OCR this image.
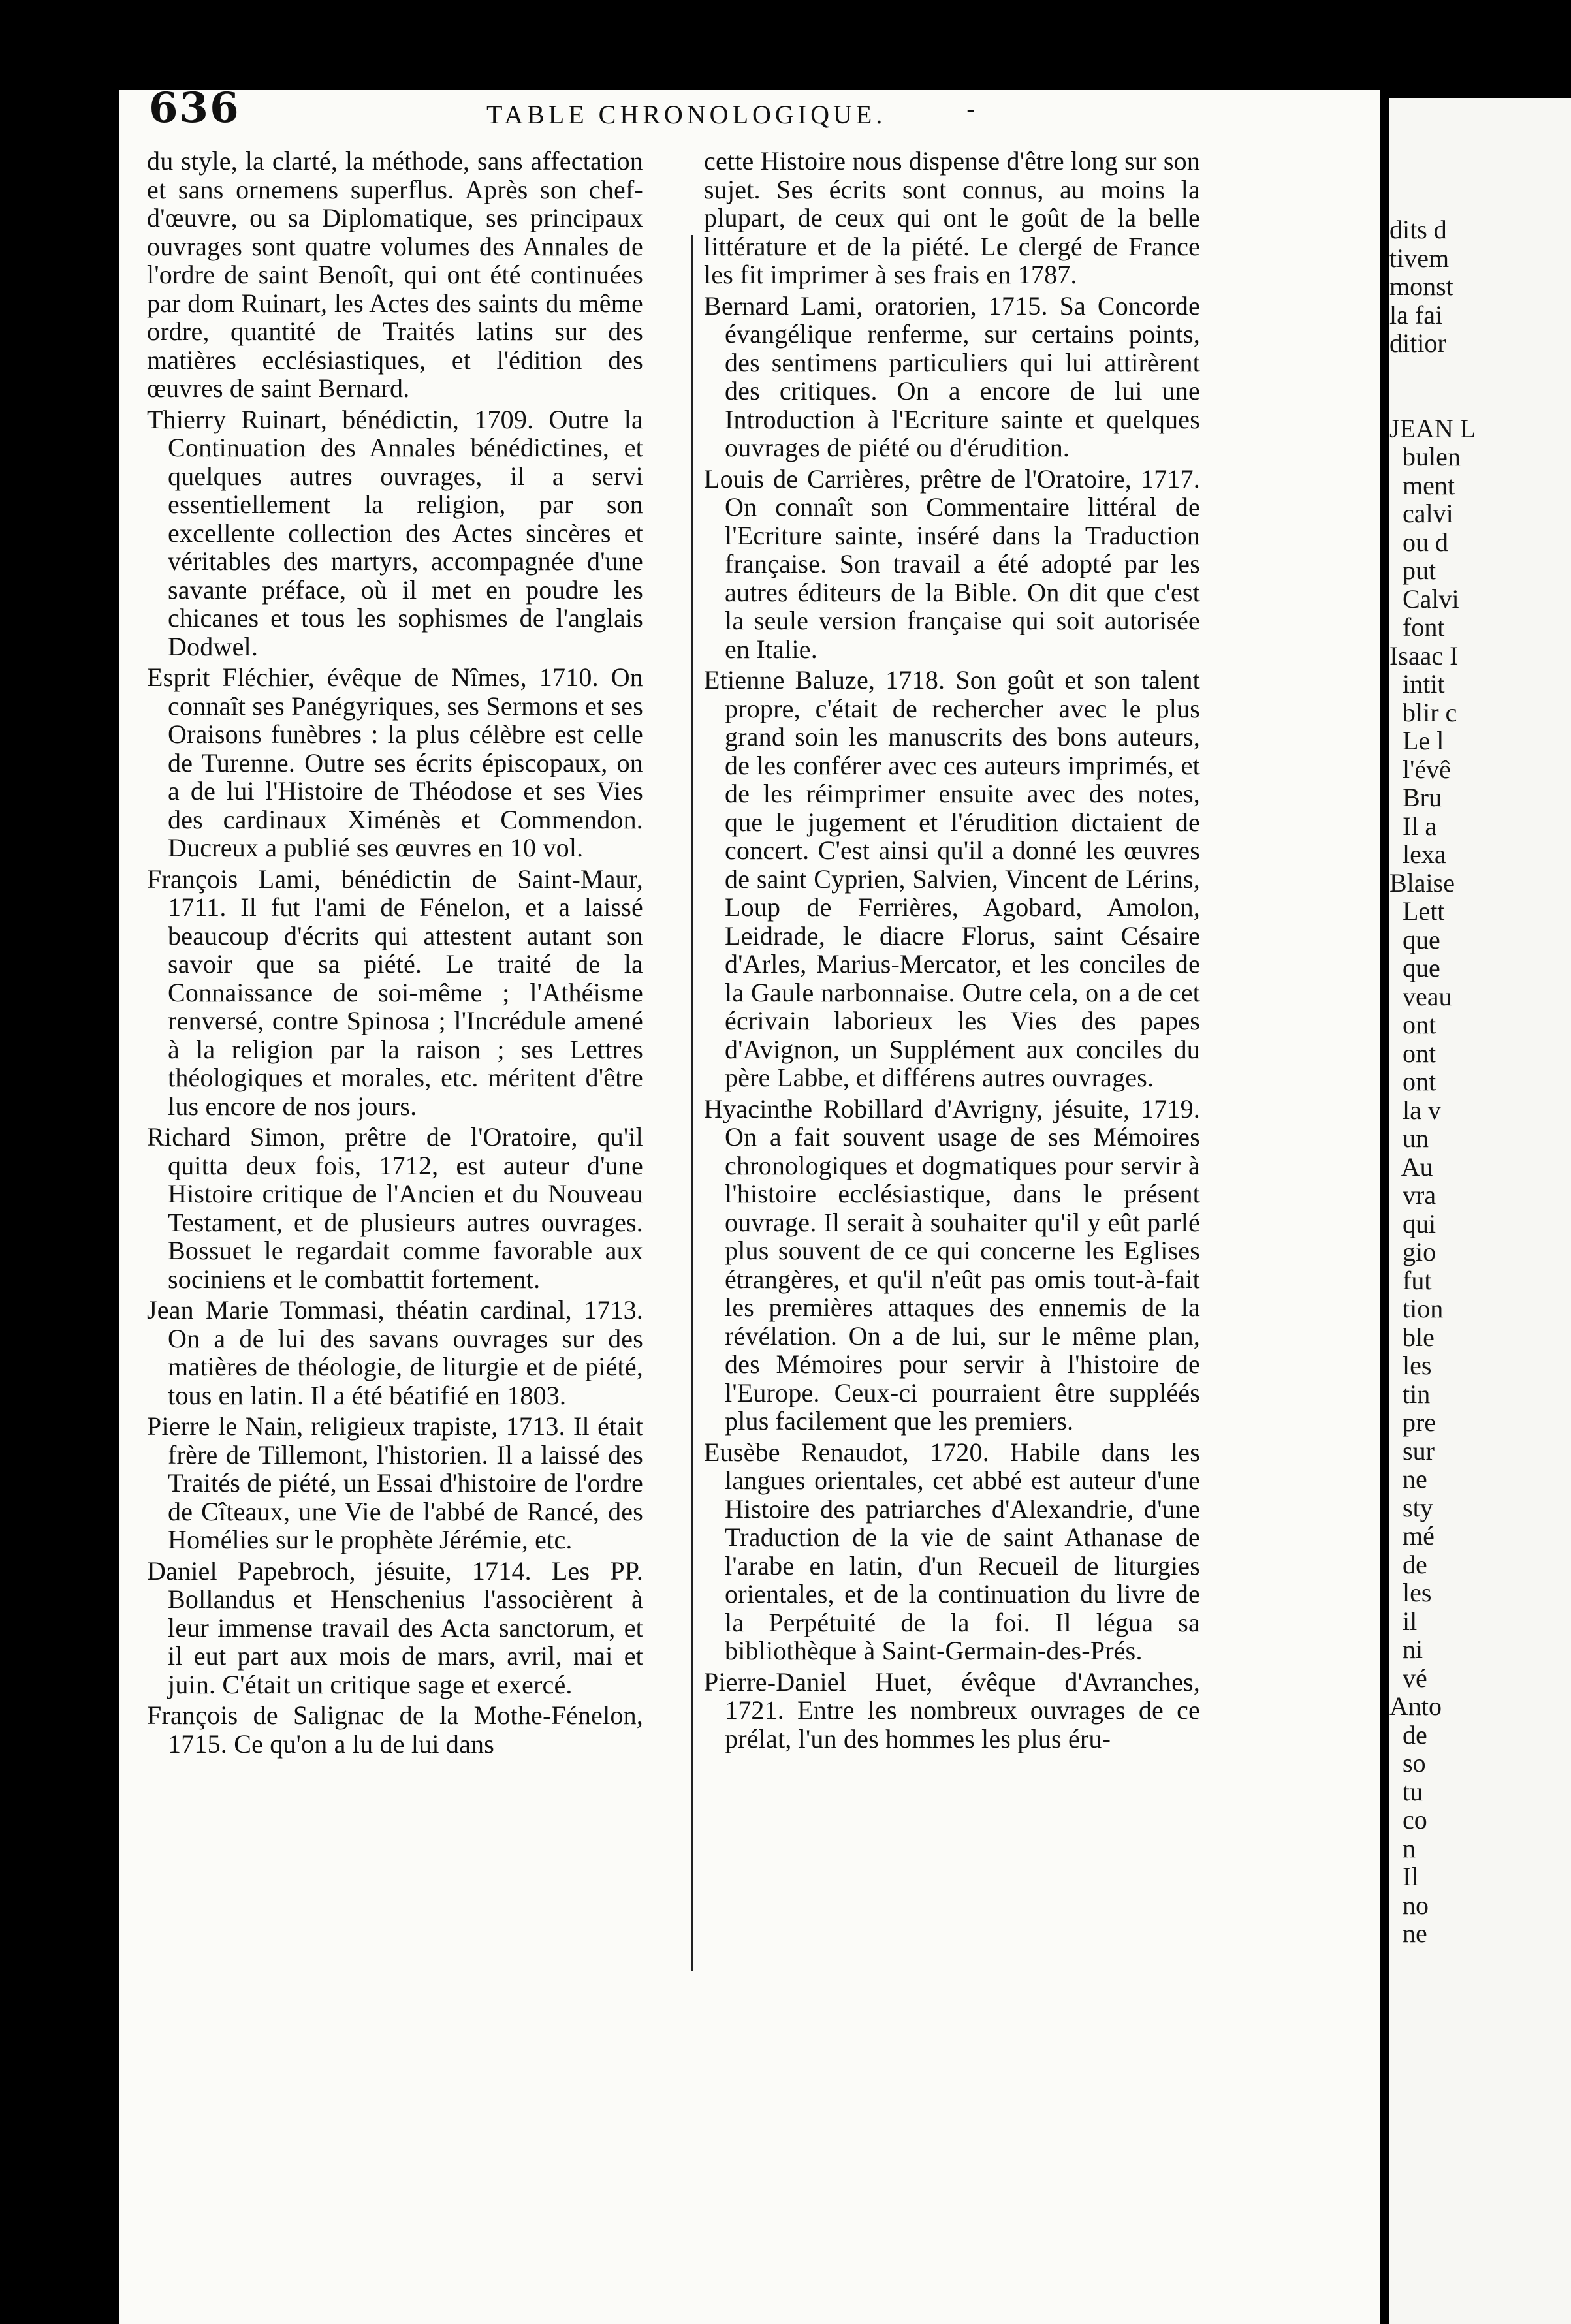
dits d
tivem
monst
la fai
ditior

JEAN L
bulen
ment
calvi
ou d
put
Calvi
font
Isaac I
intit
blir c
Le l
l'évê
Bru
Il a
lexa
Blaise
Lett
que
que
veau
ont
ont
ont
la v
un
Au
vra
qui
gio
fut
tion
ble
les
tin
pre
sur
ne
sty
mé
de
les
il
ni
vé
Anto
de
so
tu
co
n
Il
no
ne
636	TABLE CHRONOLOGIQUE.	-

du style, la clarté, la méthode, sans affectation et sans ornemens superflus. Après son chef-d'œuvre, ou sa Diplomatique, ses principaux ouvrages sont quatre volumes des Annales de l'ordre de saint Benoît, qui ont été continuées par dom Ruinart, les Actes des saints du même ordre, quantité de Traités latins sur des matières ecclésiastiques, et l'édition des œuvres de saint Bernard.

Thierry Ruinart, bénédictin, 1709. Outre la Continuation des Annales bénédictines, et quelques autres ouvrages, il a servi essentiellement la religion, par son excellente collection des Actes sincères et véritables des martyrs, accompagnée d'une savante préface, où il met en poudre les chicanes et tous les sophismes de l'anglais Dodwel.

Esprit Fléchier, évêque de Nîmes, 1710. On connaît ses Panégyriques, ses Sermons et ses Oraisons funèbres : la plus célèbre est celle de Turenne. Outre ses écrits épiscopaux, on a de lui l'Histoire de Théodose et ses Vies des cardinaux Ximénès et Commendon. Ducreux a publié ses œuvres en 10 vol.

François Lami, bénédictin de Saint-Maur, 1711. Il fut l'ami de Fénelon, et a laissé beaucoup d'écrits qui attestent autant son savoir que sa piété. Le traité de la Connaissance de soi-même ; l'Athéisme renversé, contre Spinosa ; l'Incrédule amené à la religion par la raison ; ses Lettres théologiques et morales, etc. méritent d'être lus encore de nos jours.

Richard Simon, prêtre de l'Oratoire, qu'il quitta deux fois, 1712, est auteur d'une Histoire critique de l'Ancien et du Nouveau Testament, et de plusieurs autres ouvrages. Bossuet le regardait comme favorable aux sociniens et le combattit fortement.

Jean Marie Tommasi, théatin cardinal, 1713. On a de lui des savans ouvrages sur des matières de théologie, de liturgie et de piété, tous en latin. Il a été béatifié en 1803.

Pierre le Nain, religieux trapiste, 1713. Il était frère de Tillemont, l'historien. Il a laissé des Traités de piété, un Essai d'histoire de l'ordre de Cîteaux, une Vie de l'abbé de Rancé, des Homélies sur le prophète Jérémie, etc.

Daniel Papebroch, jésuite, 1714. Les PP. Bollandus et Henschenius l'associèrent à leur immense travail des Acta sanctorum, et il eut part aux mois de mars, avril, mai et juin. C'était un critique sage et exercé.

François de Salignac de la Mothe-Fénelon, 1715. Ce qu'on a lu de lui dans

cette Histoire nous dispense d'être long sur son sujet. Ses écrits sont connus, au moins la plupart, de ceux qui ont le goût de la belle littérature et de la piété. Le clergé de France les fit imprimer à ses frais en 1787.

Bernard Lami, oratorien, 1715. Sa Concorde évangélique renferme, sur certains points, des sentimens particuliers qui lui attirèrent des critiques. On a encore de lui une Introduction à l'Ecriture sainte et quelques ouvrages de piété ou d'érudition.

Louis de Carrières, prêtre de l'Oratoire, 1717. On connaît son Commentaire littéral de l'Ecriture sainte, inséré dans la Traduction française. Son travail a été adopté par les autres éditeurs de la Bible. On dit que c'est la seule version française qui soit autorisée en Italie.

Etienne Baluze, 1718. Son goût et son talent propre, c'était de rechercher avec le plus grand soin les manuscrits des bons auteurs, de les conférer avec ces auteurs imprimés, et de les réimprimer ensuite avec des notes, que le jugement et l'érudition dictaient de concert. C'est ainsi qu'il a donné les œuvres de saint Cyprien, Salvien, Vincent de Lérins, Loup de Ferrières, Agobard, Amolon, Leidrade, le diacre Florus, saint Césaire d'Arles, Marius-Mercator, et les conciles de la Gaule narbonnaise. Outre cela, on a de cet écrivain laborieux les Vies des papes d'Avignon, un Supplément aux conciles du père Labbe, et différens autres ouvrages.

Hyacinthe Robillard d'Avrigny, jésuite, 1719. On a fait souvent usage de ses Mémoires chronologiques et dogmatiques pour servir à l'histoire ecclésiastique, dans le présent ouvrage. Il serait à souhaiter qu'il y eût parlé plus souvent de ce qui concerne les Eglises étrangères, et qu'il n'eût pas omis tout-à-fait les premières attaques des ennemis de la révélation. On a de lui, sur le même plan, des Mémoires pour servir à l'histoire de l'Europe. Ceux-ci pourraient être suppléés plus facilement que les premiers.

Eusèbe Renaudot, 1720. Habile dans les langues orientales, cet abbé est auteur d'une Histoire des patriarches d'Alexandrie, d'une Traduction de la vie de saint Athanase de l'arabe en latin, d'un Recueil de liturgies orientales, et de la continuation du livre de la Perpétuité de la foi. Il légua sa bibliothèque à Saint-Germain-des-Prés.

Pierre-Daniel Huet, évêque d'Avranches, 1721. Entre les nombreux ouvrages de ce prélat, l'un des hommes les plus éru-
